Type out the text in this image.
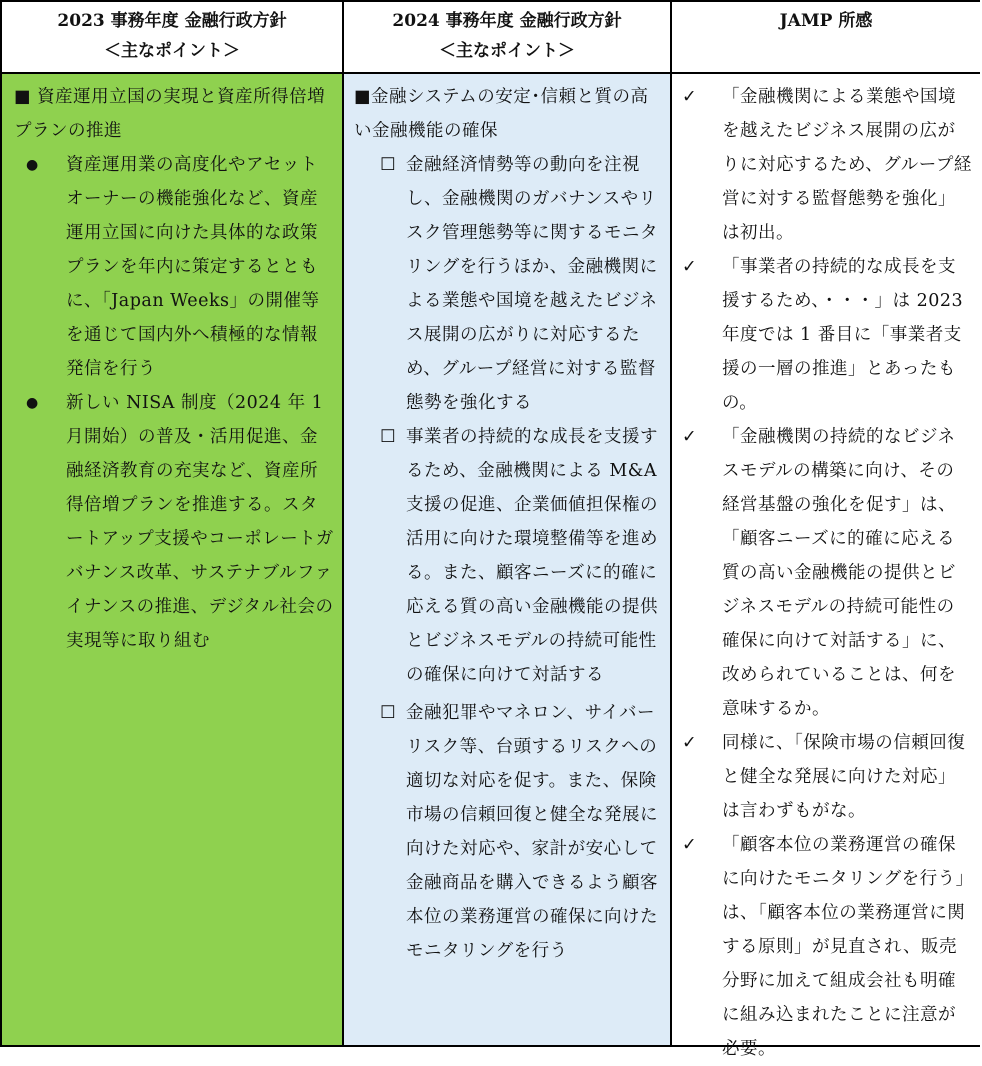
2023 事務年度 金融行政方針
＜主なポイント＞
2024 事務年度 金融行政方針
＜主なポイント＞
JAMP 所感
■ 資産運用立国の実現と資産所得倍増プランの推進
● 資産運用業の高度化やアセットオーナーの機能強化など、資産運用立国に向けた具体的な政策プランを年内に策定するとともに、「Japan Weeks」の開催等を通じて国内外へ積極的な情報発信を行う
● 新しい NISA 制度（2024 年 1 月開始）の普及・活用促進、金融経済教育の充実など、資産所得倍増プランを推進する。スタートアップ支援やコーポレートガバナンス改革、サステナブルファイナンスの推進、デジタル社会の実現等に取り組む
■金融システムの安定･信頼と質の高い金融機能の確保
☐ 金融経済情勢等の動向を注視し、金融機関のガバナンスやリスク管理態勢等に関するモニタリングを行うほか、金融機関による業態や国境を越えたビジネス展開の広がりに対応するため、グループ経営に対する監督態勢を強化する
☐ 事業者の持続的な成長を支援するため、金融機関による M&A 支援の促進、企業価値担保権の活用に向けた環境整備等を進める。また、顧客ニーズに的確に応える質の高い金融機能の提供とビジネスモデルの持続可能性の確保に向けて対話する
☐ 金融犯罪やマネロン、サイバーリスク等、台頭するリスクへの適切な対応を促す。また、保険市場の信頼回復と健全な発展に向けた対応や、家計が安心して金融商品を購入できるよう顧客本位の業務運営の確保に向けたモニタリングを行う
✓ 「金融機関による業態や国境を越えたビジネス展開の広がりに対応するため、グループ経営に対する監督態勢を強化」は初出。
✓ 「事業者の持続的な成長を支援するため、・・・」は 2023 年度では 1 番目に「事業者支援の一層の推進」とあったもの。
✓ 「金融機関の持続的なビジネスモデルの構築に向け、その経営基盤の強化を促す」は、「顧客ニーズに的確に応える質の高い金融機能の提供とビジネスモデルの持続可能性の確保に向けて対話する」に、改められていることは、何を意味するか。
✓ 同様に、「保険市場の信頼回復と健全な発展に向けた対応」は言わずもがな。
✓ 「顧客本位の業務運営の確保に向けたモニタリングを行う」は、「顧客本位の業務運営に関する原則」が見直され、販売分野に加えて組成会社も明確に組み込まれたことに注意が必要。
